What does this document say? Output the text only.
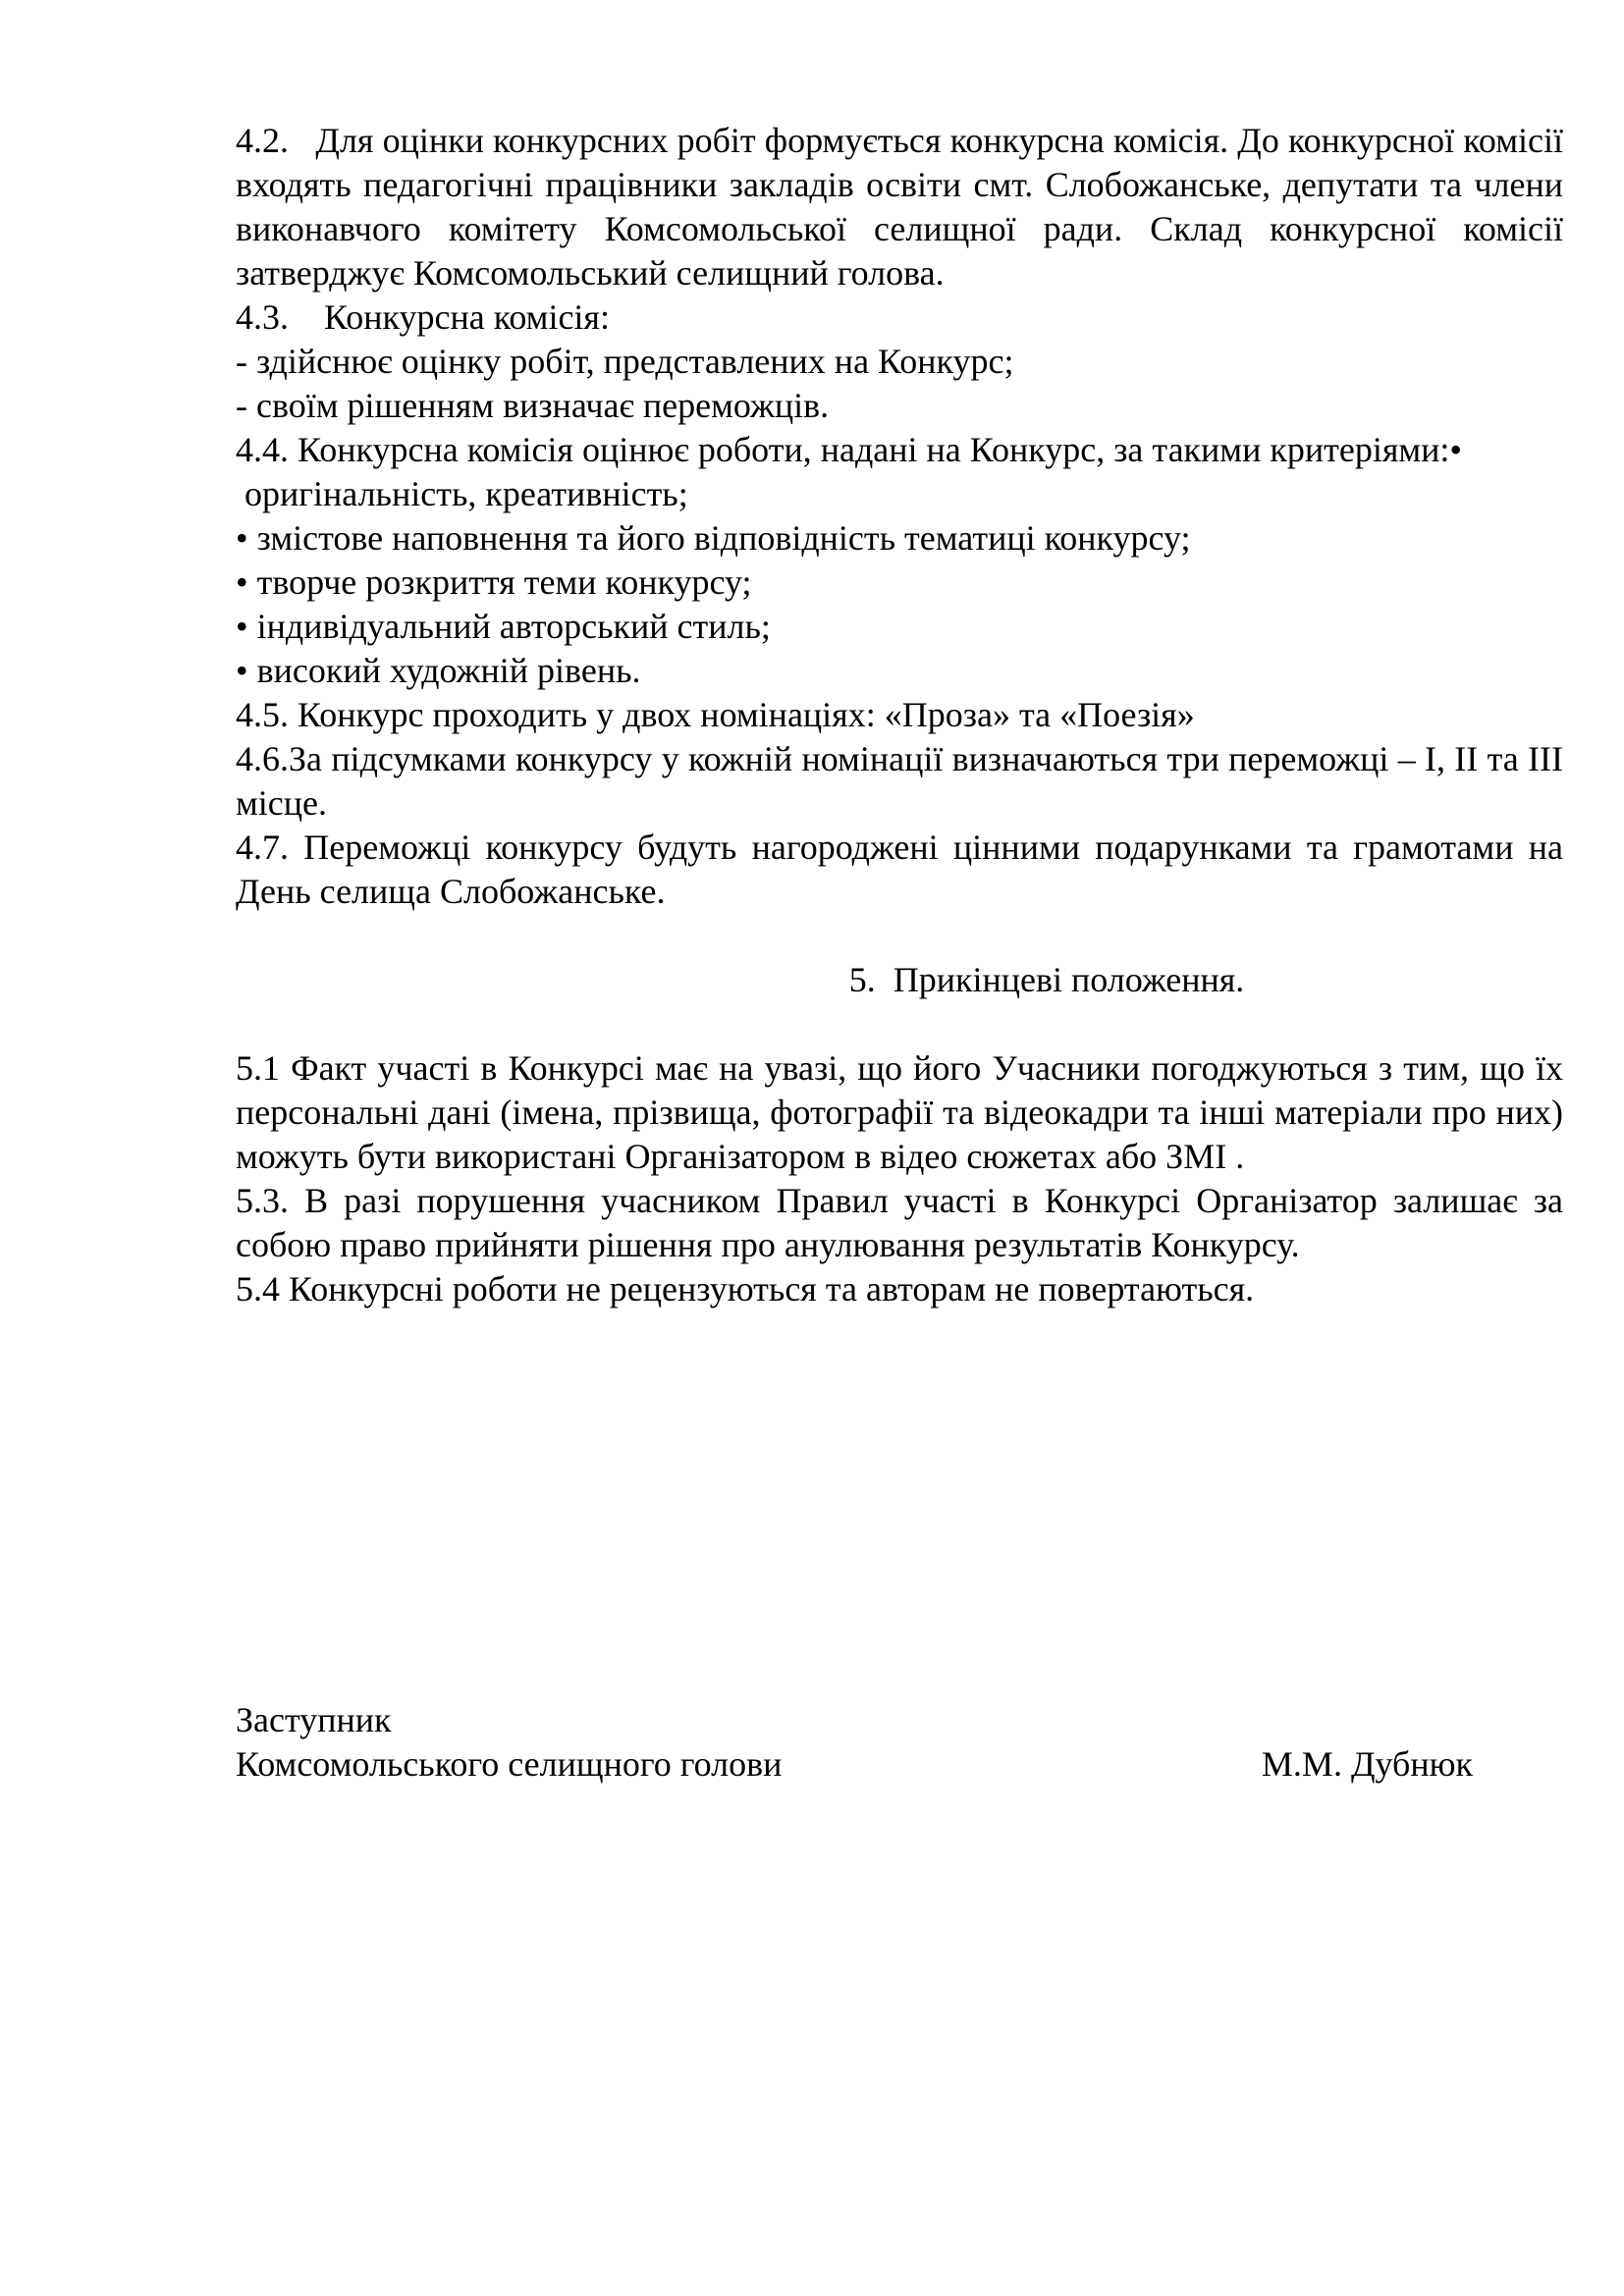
4.2.   Для оцінки конкурсних робіт формується конкурсна комісія. До конкурсної комісії входять педагогічні працівники закладів освіти смт. Слобожанське, депутати та члени виконавчого комітету Комсомольської селищної ради. Склад конкурсної комісії затверджує Комсомольський селищний голова.

4.3.    Конкурсна комісія:

- здійснює оцінку робіт, представлених на Конкурс;

- своїм рішенням визначає переможців.

4.4. Конкурсна комісія оцінює роботи, надані на Конкурс, за такими критеріями:•

оригінальність, креативність;

• змістове наповнення та його відповідність тематиці конкурсу;

• творче розкриття теми конкурсу;

• індивідуальний авторський стиль;

• високий художній рівень.

4.5. Конкурс проходить у двох номінаціях: «Проза» та «Поезія»

4.6.За підсумками конкурсу у кожній номінації визначаються три переможці – I, II та III місце.

4.7. Переможці конкурсу будуть нагороджені цінними подарунками та грамотами на День селища Слобожанське.

5.  Прикінцеві положення.

5.1 Факт участі в Конкурсі має на увазі, що його Учасники погоджуються з тим, що їх персональні дані (імена, прізвища, фотографії та відеокадри та інші матеріали про них) можуть бути використані Організатором в відео сюжетах або ЗМІ .

5.3. В разі порушення учасником Правил участі в Конкурсі Організатор залишає за собою право прийняти рішення про анулювання результатів Конкурсу.

5.4 Конкурсні роботи не рецензуються та авторам не повертаються.

Заступник
Комсомольського селищного голови	М.М. Дубнюк
